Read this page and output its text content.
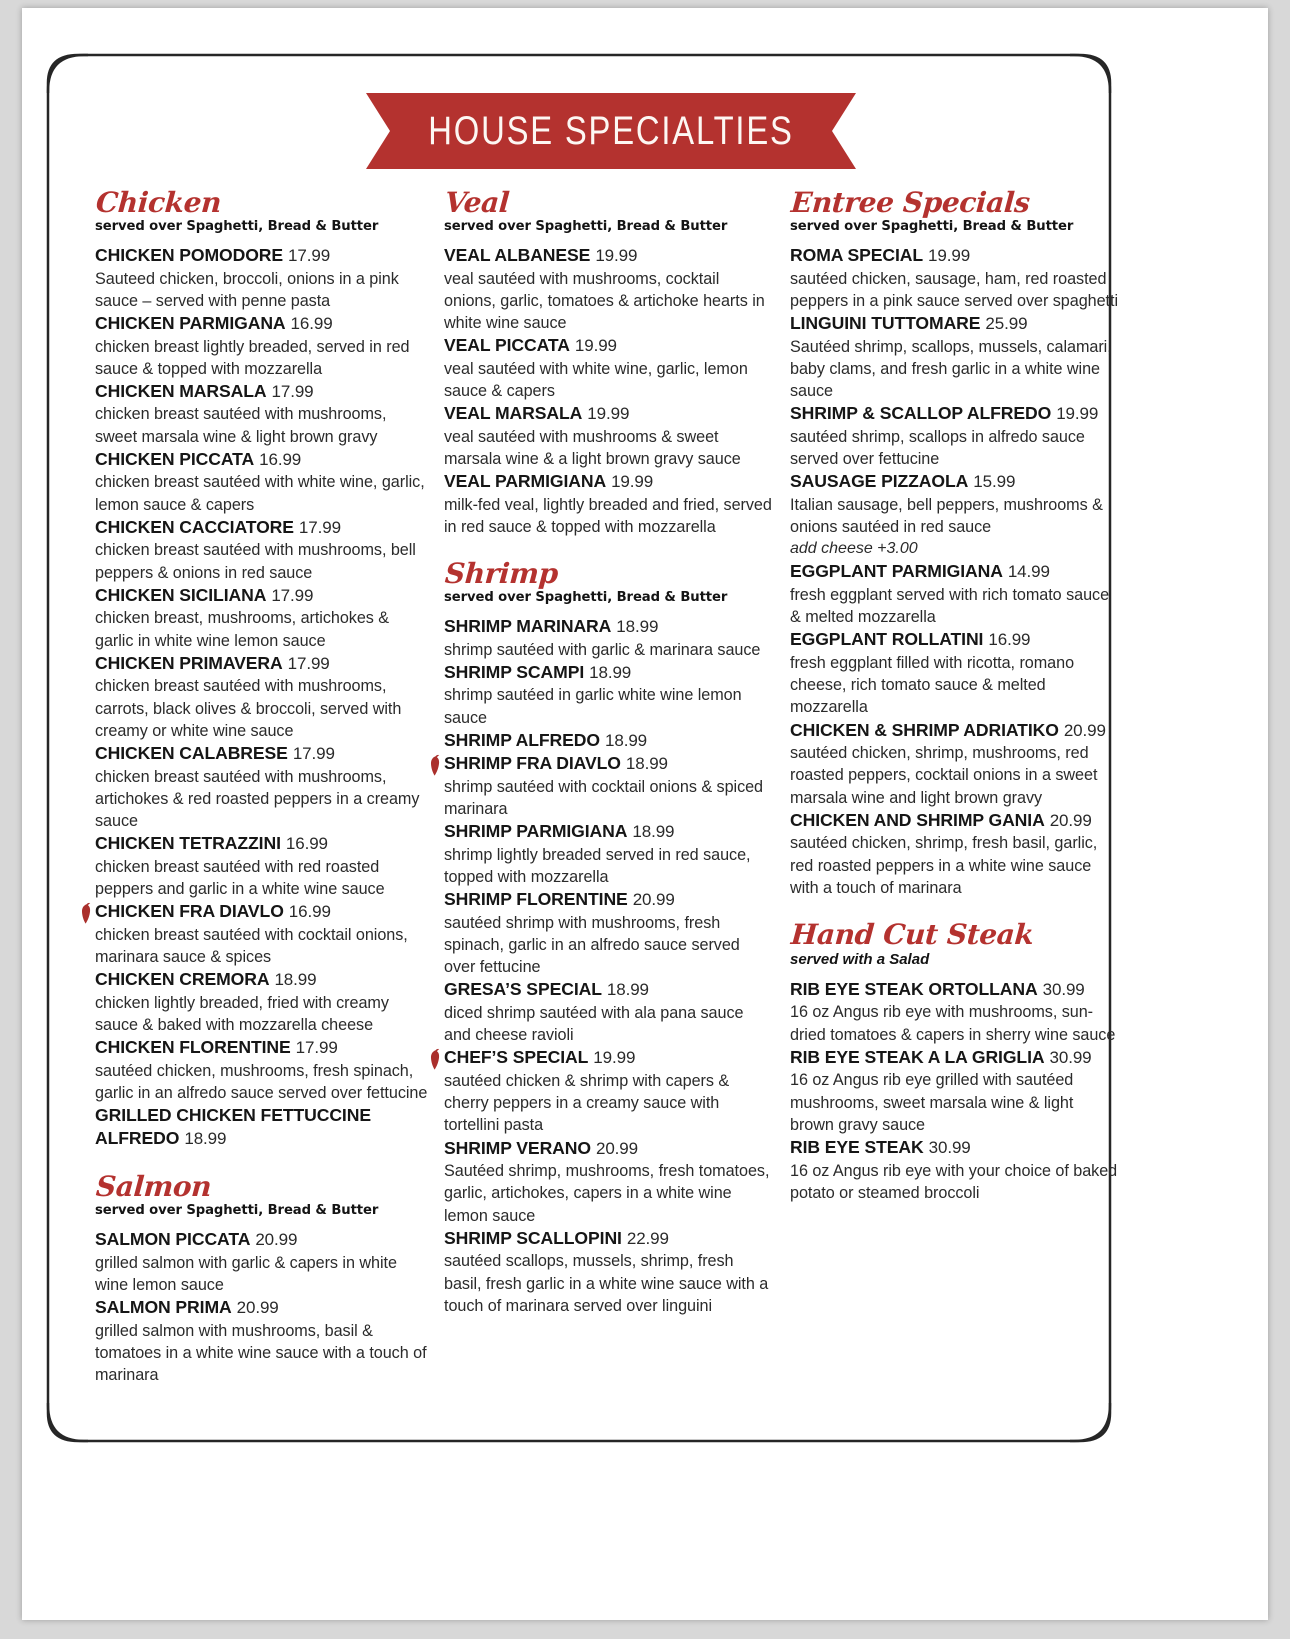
HOUSE SPECIALTIES
Chicken
served over Spaghetti, Bread & Butter
CHICKEN POMODORE 17.99
Sauteed chicken, broccoli, onions in a pink sauce – served with penne pasta
CHICKEN PARMIGANA 16.99
chicken breast lightly breaded, served in red sauce & topped with mozzarella
CHICKEN MARSALA 17.99
chicken breast sautéed with mushrooms, sweet marsala wine & light brown gravy
CHICKEN PICCATA 16.99
chicken breast sautéed with white wine, garlic, lemon sauce & capers
CHICKEN CACCIATORE 17.99
chicken breast sautéed with mushrooms, bell peppers & onions in red sauce
CHICKEN SICILIANA 17.99
chicken breast, mushrooms, artichokes & garlic in white wine lemon sauce
CHICKEN PRIMAVERA 17.99
chicken breast sautéed with mushrooms, carrots, black olives & broccoli, served with creamy or white wine sauce
CHICKEN CALABRESE 17.99
chicken breast sautéed with mushrooms, artichokes & red roasted peppers in a creamy sauce
CHICKEN TETRAZZINI 16.99
chicken breast sautéed with red roasted peppers and garlic in a white wine sauce
CHICKEN FRA DIAVLO 16.99
chicken breast sautéed with cocktail onions, marinara sauce & spices
CHICKEN CREMORA 18.99
chicken lightly breaded, fried with creamy sauce & baked with mozzarella cheese
CHICKEN FLORENTINE 17.99
sautéed chicken, mushrooms, fresh spinach, garlic in an alfredo sauce served over fettucine
GRILLED CHICKEN FETTUCCINE ALFREDO 18.99
Salmon
served over Spaghetti, Bread & Butter
SALMON PICCATA 20.99
grilled salmon with garlic & capers in white wine lemon sauce
SALMON PRIMA 20.99
grilled salmon with mushrooms, basil & tomatoes in a white wine sauce with a touch of marinara
Veal
served over Spaghetti, Bread & Butter
VEAL ALBANESE 19.99
veal sautéed with mushrooms, cocktail onions, garlic, tomatoes & artichoke hearts in white wine sauce
VEAL PICCATA 19.99
veal sautéed with white wine, garlic, lemon sauce & capers
VEAL MARSALA 19.99
veal sautéed with mushrooms & sweet marsala wine & a light brown gravy sauce
VEAL PARMIGIANA 19.99
milk-fed veal, lightly breaded and fried, served in red sauce & topped with mozzarella
Shrimp
served over Spaghetti, Bread & Butter
SHRIMP MARINARA 18.99
shrimp sautéed with garlic & marinara sauce
SHRIMP SCAMPI 18.99
shrimp sautéed in garlic white wine lemon sauce
SHRIMP ALFREDO 18.99
SHRIMP FRA DIAVLO 18.99
shrimp sautéed with cocktail onions & spiced marinara
SHRIMP PARMIGIANA 18.99
shrimp lightly breaded served in red sauce, topped with mozzarella
SHRIMP FLORENTINE 20.99
sautéed shrimp with mushrooms, fresh spinach, garlic in an alfredo sauce served over fettucine
GRESA’S SPECIAL 18.99
diced shrimp sautéed with ala pana sauce and cheese ravioli
CHEF’S SPECIAL 19.99
sautéed chicken & shrimp with capers & cherry peppers in a creamy sauce with tortellini pasta
SHRIMP VERANO 20.99
Sautéed shrimp, mushrooms, fresh tomatoes, garlic, artichokes, capers in a white wine lemon sauce
SHRIMP SCALLOPINI 22.99
sautéed scallops, mussels, shrimp, fresh basil, fresh garlic in a white wine sauce with a touch of marinara served over linguini
Entree Specials
served over Spaghetti, Bread & Butter
ROMA SPECIAL 19.99
sautéed chicken, sausage, ham, red roasted peppers in a pink sauce served over spaghetti
LINGUINI TUTTOMARE 25.99
Sautéed shrimp, scallops, mussels, calamari, baby clams, and fresh garlic in a white wine sauce
SHRIMP & SCALLOP ALFREDO 19.99
sautéed shrimp, scallops in alfredo sauce served over fettucine
SAUSAGE PIZZAOLA 15.99
Italian sausage, bell peppers, mushrooms & onions sautéed in red sauce
add cheese +3.00
EGGPLANT PARMIGIANA 14.99
fresh eggplant served with rich tomato sauce & melted mozzarella
EGGPLANT ROLLATINI 16.99
fresh eggplant filled with ricotta, romano cheese, rich tomato sauce & melted mozzarella
CHICKEN & SHRIMP ADRIATIKO 20.99
sautéed chicken, shrimp, mushrooms, red roasted peppers, cocktail onions in a sweet marsala wine and light brown gravy
CHICKEN AND SHRIMP GANIA 20.99
sautéed chicken, shrimp, fresh basil, garlic, red roasted peppers in a white wine sauce with a touch of marinara
Hand Cut Steak
served with a Salad
RIB EYE STEAK ORTOLLANA 30.99
16 oz Angus rib eye with mushrooms, sun-dried tomatoes & capers in sherry wine sauce
RIB EYE STEAK A LA GRIGLIA 30.99
16 oz Angus rib eye grilled with sautéed mushrooms, sweet marsala wine & light brown gravy sauce
RIB EYE STEAK 30.99
16 oz Angus rib eye with your choice of baked potato or steamed broccoli
